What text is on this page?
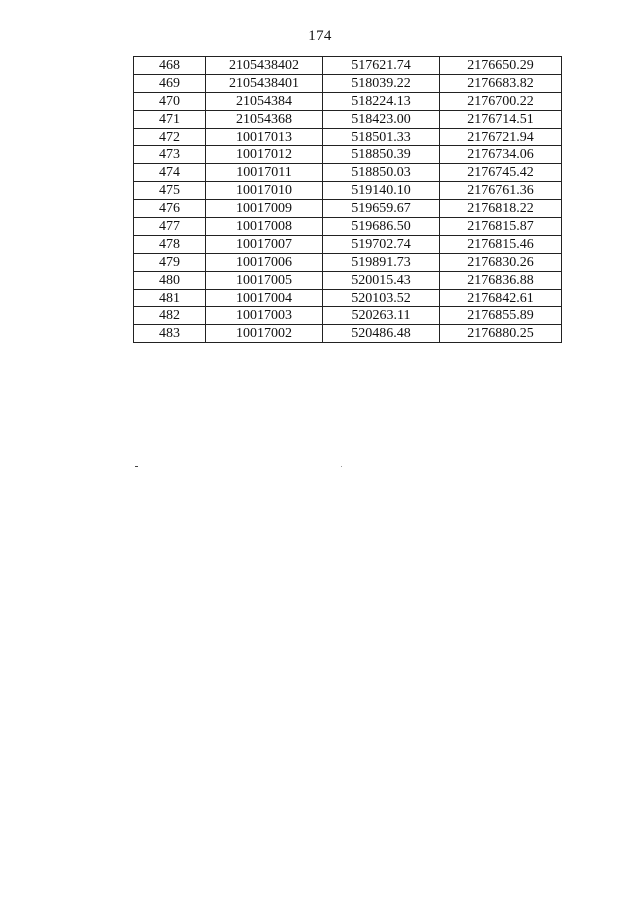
174
468	2105438402	517621.74	2176650.29
469	2105438401	518039.22	2176683.82
470	21054384	518224.13	2176700.22
471	21054368	518423.00	2176714.51
472	10017013	518501.33	2176721.94
473	10017012	518850.39	2176734.06
474	10017011	518850.03	2176745.42
475	10017010	519140.10	2176761.36
476	10017009	519659.67	2176818.22
477	10017008	519686.50	2176815.87
478	10017007	519702.74	2176815.46
479	10017006	519891.73	2176830.26
480	10017005	520015.43	2176836.88
481	10017004	520103.52	2176842.61
482	10017003	520263.11	2176855.89
483	10017002	520486.48	2176880.25
